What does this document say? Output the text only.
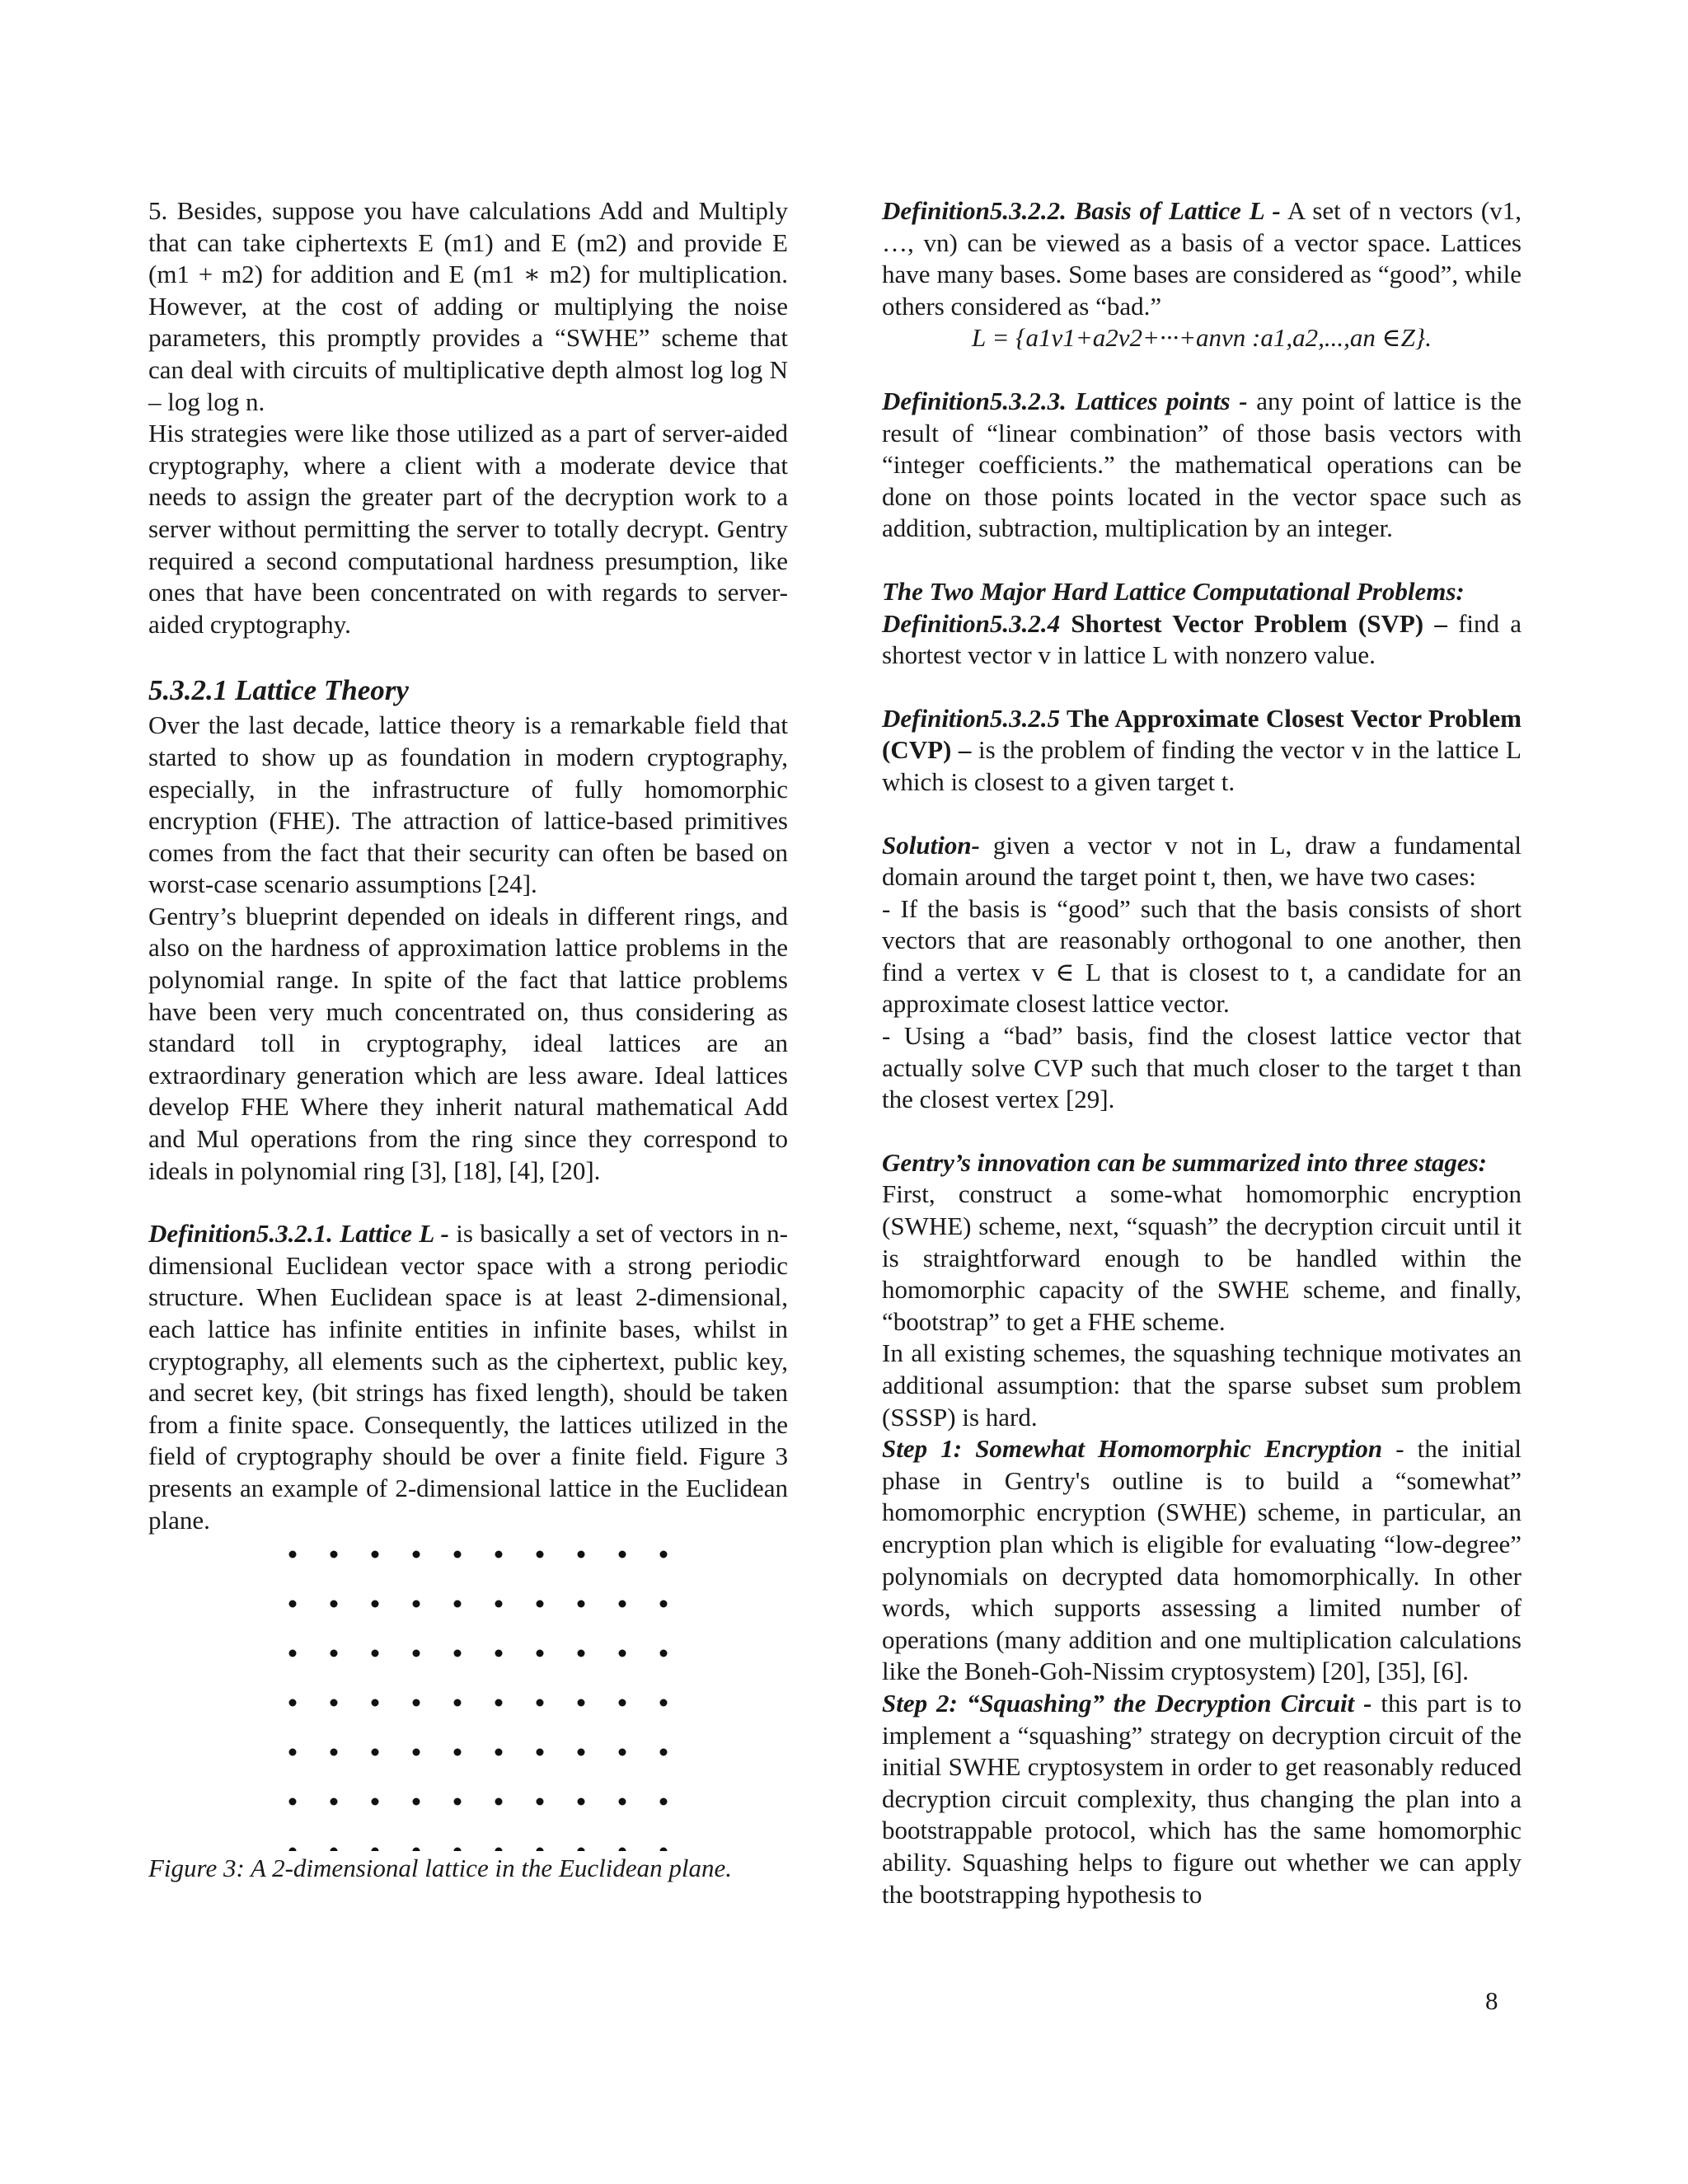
5. Besides, suppose you have calculations Add and Multiply that can take ciphertexts E (m1) and E (m2) and provide E (m1 + m2) for addition and E (m1 ∗ m2) for multiplication. However, at the cost of adding or multiplying the noise parameters, this promptly provides a “SWHE” scheme that can deal with circuits of multiplicative depth almost log log N – log log n.

His strategies were like those utilized as a part of server-aided cryptography, where a client with a moderate device that needs to assign the greater part of the decryption work to a server without permitting the server to totally decrypt. Gentry required a second computational hardness presumption, like ones that have been concentrated on with regards to server-aided cryptography.

5.3.2.1 Lattice Theory

Over the last decade, lattice theory is a remarkable field that started to show up as foundation in modern cryptography, especially, in the infrastructure of fully homomorphic encryption (FHE). The attraction of lattice-based primitives comes from the fact that their security can often be based on worst-case scenario assumptions [24].

Gentry’s blueprint depended on ideals in different rings, and also on the hardness of approximation lattice problems in the polynomial range. In spite of the fact that lattice problems have been very much concentrated on, thus considering as standard toll in cryptography, ideal lattices are an extraordinary generation which are less aware. Ideal lattices develop FHE Where they inherit natural mathematical Add and Mul operations from the ring since they correspond to ideals in polynomial ring [3], [18], [4], [20].

Definition5.3.2.1. Lattice L - is basically a set of vectors in n-dimensional Euclidean vector space with a strong periodic structure. When Euclidean space is at least 2-dimensional, each lattice has infinite entities in infinite bases, whilst in cryptography, all elements such as the ciphertext, public key, and secret key, (bit strings has fixed length), should be taken from a finite space. Consequently, the lattices utilized in the field of cryptography should be over a finite field. Figure 3 presents an example of 2-dimensional lattice in the Euclidean plane.

Figure 3: A 2-dimensional lattice in the Euclidean plane.

Definition5.3.2.2. Basis of Lattice L - A set of n vectors (v1, …, vn) can be viewed as a basis of a vector space. Lattices have many bases. Some bases are considered as “good”, while others considered as “bad.”

L = {a1v1+a2v2+···+anvn :a1,a2,...,an ∈Z}.

Definition5.3.2.3. Lattices points - any point of lattice is the result of “linear combination” of those basis vectors with “integer coefficients.” the mathematical operations can be done on those points located in the vector space such as addition, subtraction, multiplication by an integer.

The Two Major Hard Lattice Computational Problems:

Definition5.3.2.4 Shortest Vector Problem (SVP) – find a shortest vector v in lattice L with nonzero value.

Definition5.3.2.5 The Approximate Closest Vector Problem (CVP) – is the problem of finding the vector v in the lattice L which is closest to a given target t.

Solution- given a vector v not in L, draw a fundamental domain around the target point t, then, we have two cases:

- If the basis is “good” such that the basis consists of short vectors that are reasonably orthogonal to one another, then find a vertex v ∈ L that is closest to t, a candidate for an approximate closest lattice vector.

- Using a “bad” basis, find the closest lattice vector that actually solve CVP such that much closer to the target t than the closest vertex [29].

Gentry’s innovation can be summarized into three stages:

First, construct a some-what homomorphic encryption (SWHE) scheme, next, “squash” the decryption circuit until it is straightforward enough to be handled within the homomorphic capacity of the SWHE scheme, and finally, “bootstrap” to get a FHE scheme.

In all existing schemes, the squashing technique motivates an additional assumption: that the sparse subset sum problem (SSSP) is hard.

Step 1: Somewhat Homomorphic Encryption - the initial phase in Gentry's outline is to build a “somewhat” homomorphic encryption (SWHE) scheme, in particular, an encryption plan which is eligible for evaluating “low-degree” polynomials on decrypted data homomorphically. In other words, which supports assessing a limited number of operations (many addition and one multiplication calculations like the Boneh-Goh-Nissim cryptosystem) [20], [35], [6].

Step 2: “Squashing” the Decryption Circuit - this part is to implement a “squashing” strategy on decryption circuit of the initial SWHE cryptosystem in order to get reasonably reduced decryption circuit complexity, thus changing the plan into a bootstrappable protocol, which has the same homomorphic ability. Squashing helps to figure out whether we can apply the bootstrapping hypothesis to

8
